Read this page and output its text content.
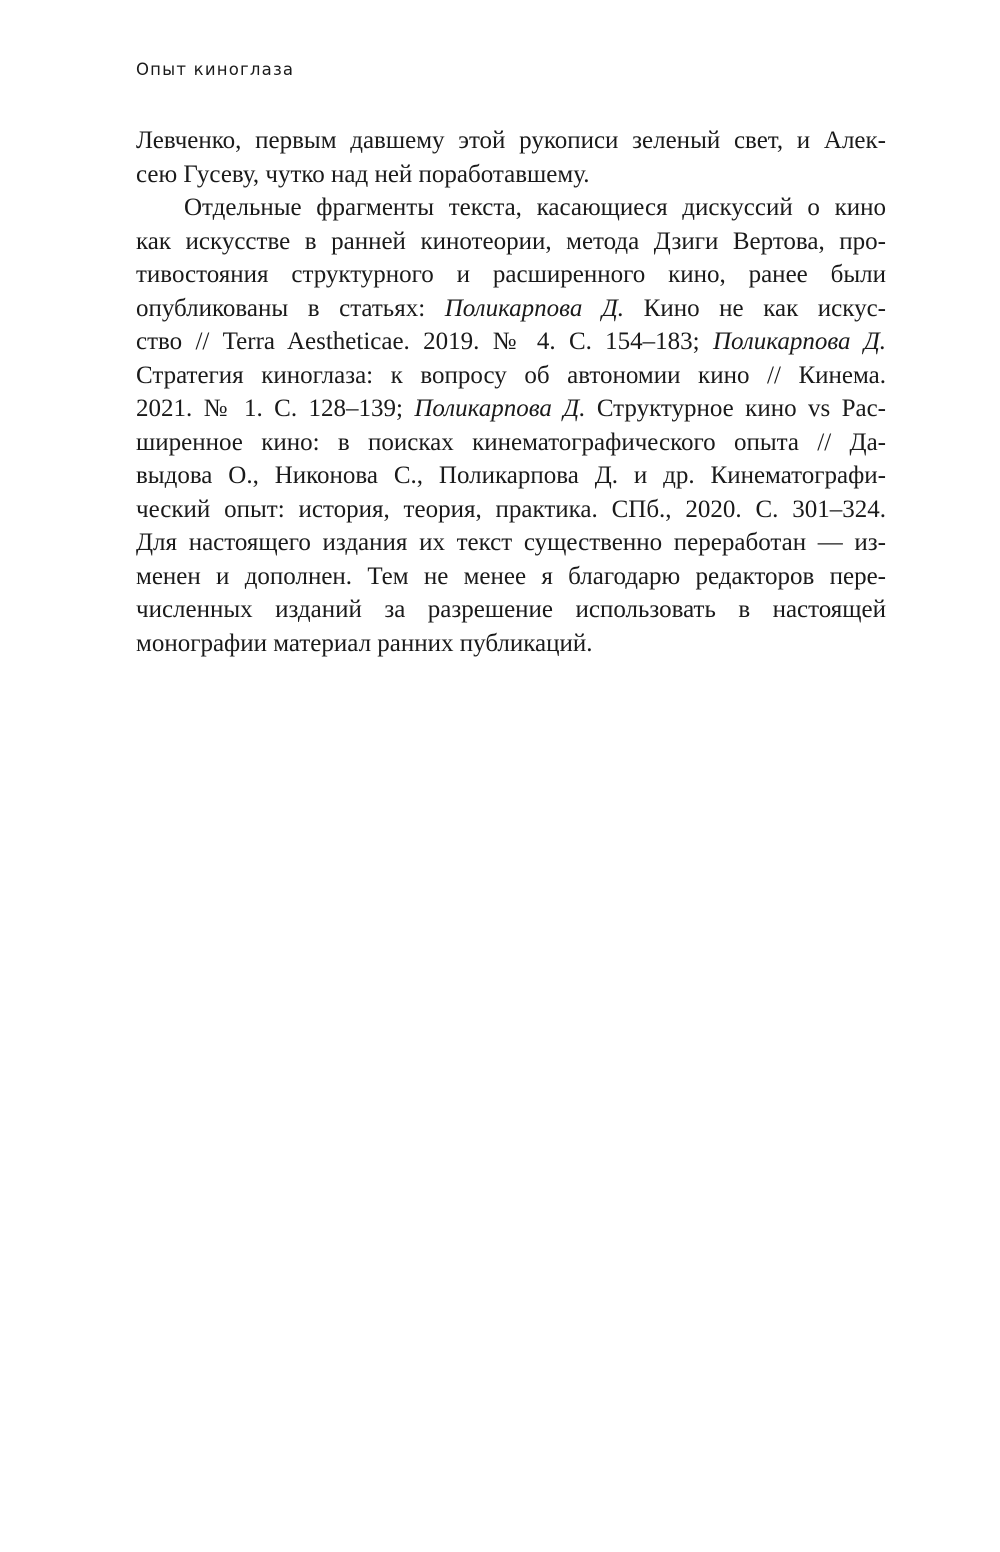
Опыт киноглаза
Левченко, первым давшему этой рукописи зеленый свет, и Алек-
сею Гусеву, чутко над ней поработавшему.
Отдельные фрагменты текста, касающиеся дискуссий о кино
как искусстве в ранней кинотеории, метода Дзиги Вертова, про-
тивостояния структурного и расширенного кино, ранее были
опубликованы в статьях: Поликарпова Д. Кино не как искус-
ство // Terra Aestheticae. 2019. № 4. С. 154–183; Поликарпова Д.
Стратегия киноглаза: к вопросу об автономии кино // Кинема.
2021. № 1. С. 128–139; Поликарпова Д. Структурное кино vs Рас-
ширенное кино: в поисках кинематографического опыта // Да-
выдова О., Никонова С., Поликарпова Д. и др. Кинематографи-
ческий опыт: история, теория, практика. СПб., 2020. С. 301–324.
Для настоящего издания их текст существенно переработан — из-
менен и дополнен. Тем не менее я благодарю редакторов пере-
численных изданий за разрешение использовать в настоящей
монографии материал ранних публикаций.
